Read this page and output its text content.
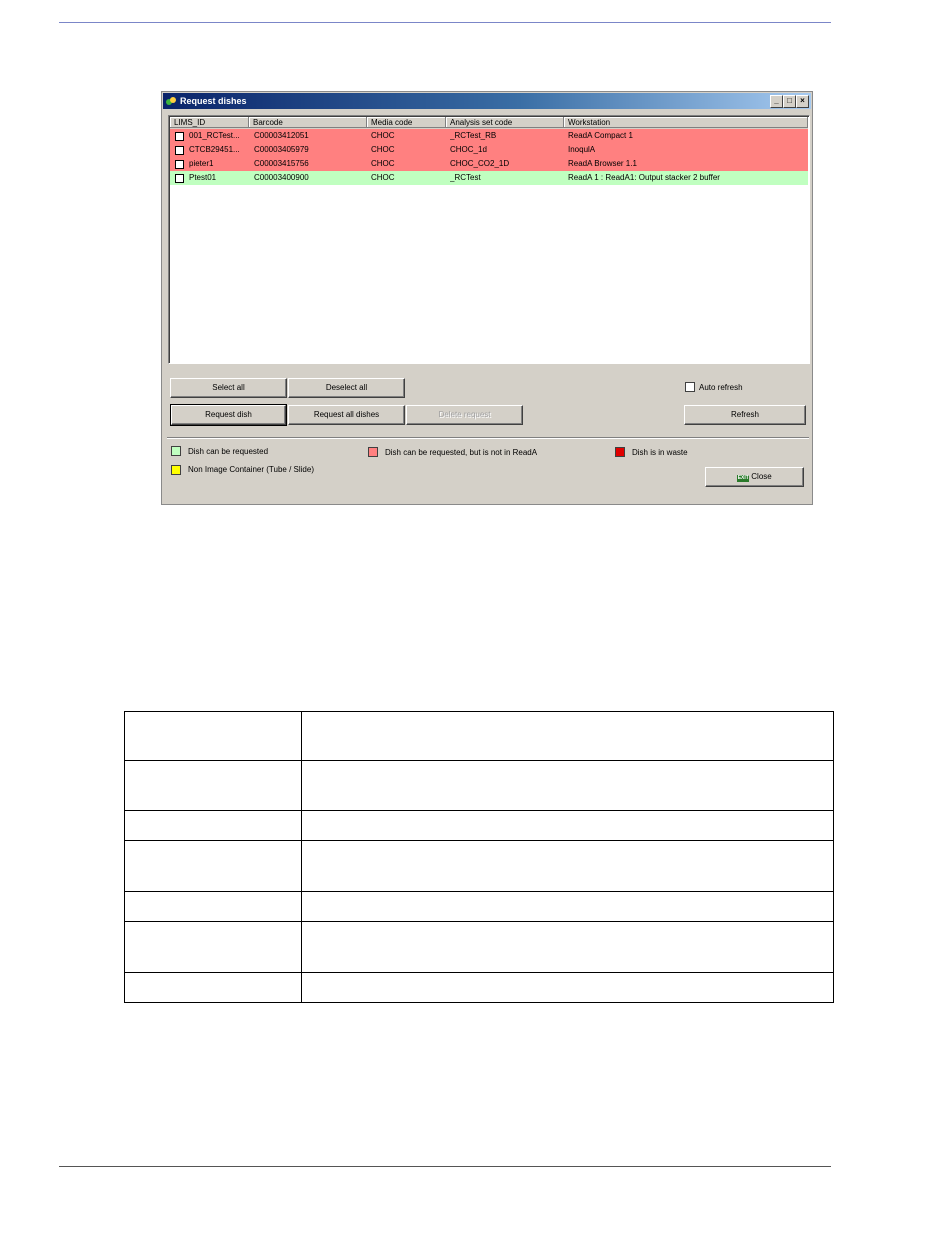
Request dishes	_	□	×
LIMS_ID	Barcode	Media code	Analysis set code	Workstation
001_RCTest...	C00003412051	CHOC	_RCTest_RB	ReadA Compact 1
CTCB29451...	C00003405979	CHOC	CHOC_1d	InoqulA
pieter1	C00003415756	CHOC	CHOC_CO2_1D	ReadA Browser 1.1
Ptest01	C00003400900	CHOC	_RCTest	ReadA 1 : ReadA1: Output stacker 2 buffer
Select all	Deselect all	Auto refresh
Request dish	Request all dishes	Delete request	Refresh
Dish can be requested	Dish can be requested, but is not in ReadA	Dish is in waste
Non Image Container (Tube / Slide)
EXIT Close
